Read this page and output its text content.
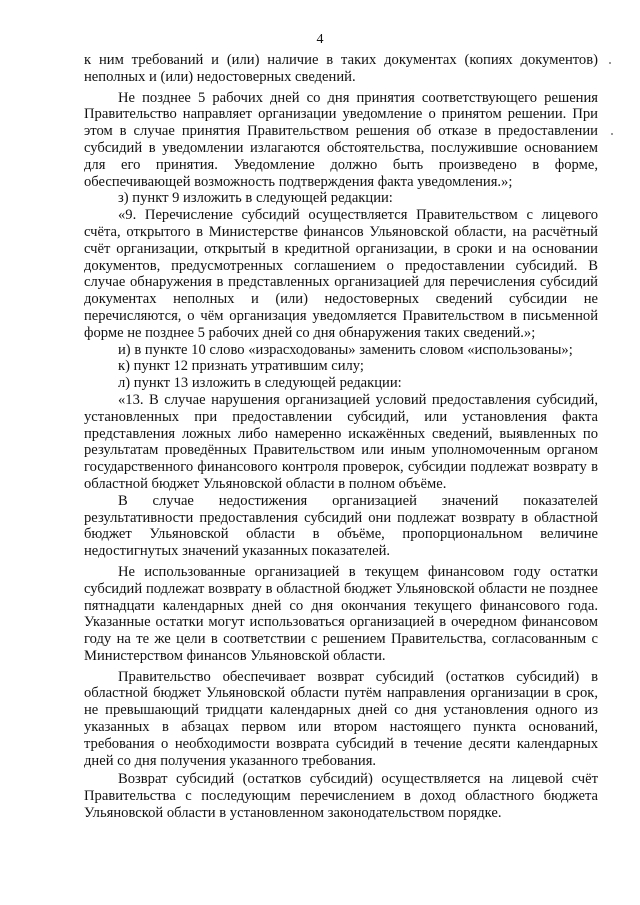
4

к ним требований и (или) наличие в таких документах (копиях документов) неполных и (или) недостоверных сведений.

Не позднее 5 рабочих дней со дня принятия соответствующего решения Правительство направляет организации уведомление о принятом решении. При этом в случае принятия Правительством решения об отказе в предоставлении субсидий в уведомлении излагаются обстоятельства, послужившие основанием для его принятия. Уведомление должно быть произведено в форме, обеспечивающей возможность подтверждения факта уведомления.»;

з) пункт 9 изложить в следующей редакции:

«9. Перечисление субсидий осуществляется Правительством с лицевого счёта, открытого в Министерстве финансов Ульяновской области, на расчётный счёт организации, открытый в кредитной организации, в сроки и на основании документов, предусмотренных соглашением о предоставлении субсидий. В случае обнаружения в представленных организацией для перечисления субсидий документах неполных и (или) недостоверных сведений субсидии не перечисляются, о чём организация уведомляется Правительством в письменной форме не позднее 5 рабочих дней со дня обнаружения таких сведений.»;

и) в пункте 10 слово «израсходованы» заменить словом «использованы»;

к) пункт 12 признать утратившим силу;

л) пункт 13 изложить в следующей редакции:

«13. В случае нарушения организацией условий предоставления субсидий, установленных при предоставлении субсидий, или установления факта представления ложных либо намеренно искажённых сведений, выявленных по результатам проведённых Правительством или иным уполномоченным органом государственного финансового контроля проверок, субсидии подлежат возврату в областной бюджет Ульяновской области в полном объёме.

В случае недостижения организацией значений показателей результативности предоставления субсидий они подлежат возврату в областной бюджет Ульяновской области в объёме, пропорциональном величине недостигнутых значений указанных показателей.

Не использованные организацией в текущем финансовом году остатки субсидий подлежат возврату в областной бюджет Ульяновской области не позднее пятнадцати календарных дней со дня окончания текущего финансового года. Указанные остатки могут использоваться организацией в очередном финансовом году на те же цели в соответствии с решением Правительства, согласованным с Министерством финансов Ульяновской области.

Правительство обеспечивает возврат субсидий (остатков субсидий) в областной бюджет Ульяновской области путём направления организации в срок, не превышающий тридцати календарных дней со дня установления одного из указанных в абзацах первом или втором настоящего пункта оснований, требования о необходимости возврата субсидий в течение десяти календарных дней со дня получения указанного требования.

Возврат субсидий (остатков субсидий) осуществляется на лицевой счёт Правительства с последующим перечислением в доход областного бюджета Ульяновской области в установленном законодательством порядке.
